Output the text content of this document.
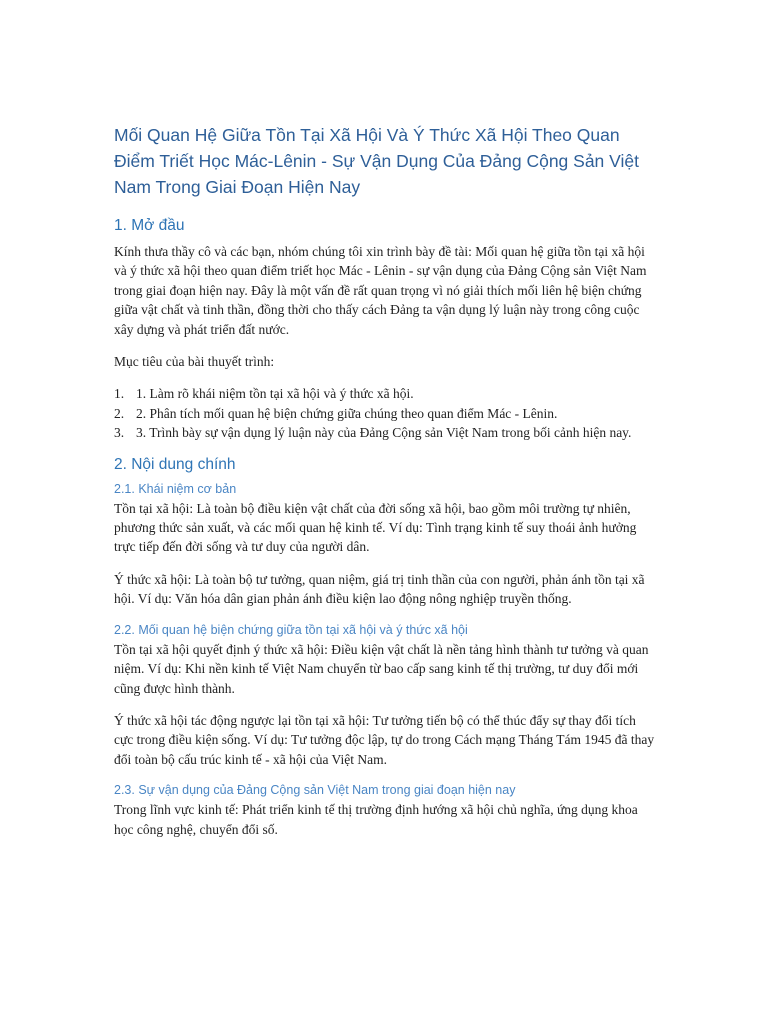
Mối Quan Hệ Giữa Tồn Tại Xã Hội Và Ý Thức Xã Hội Theo Quan Điểm Triết Học Mác-Lênin - Sự Vận Dụng Của Đảng Cộng Sản Việt Nam Trong Giai Đoạn Hiện Nay
1. Mở đầu

Kính thưa thầy cô và các bạn, nhóm chúng tôi xin trình bày đề tài: Mối quan hệ giữa tồn tại xã hội và ý thức xã hội theo quan điểm triết học Mác - Lênin - sự vận dụng của Đảng Cộng sản Việt Nam trong giai đoạn hiện nay. Đây là một vấn đề rất quan trọng vì nó giải thích mối liên hệ biện chứng giữa vật chất và tinh thần, đồng thời cho thấy cách Đảng ta vận dụng lý luận này trong công cuộc xây dựng và phát triển đất nước.

Mục tiêu của bài thuyết trình:

1. 1. Làm rõ khái niệm tồn tại xã hội và ý thức xã hội.
2. 2. Phân tích mối quan hệ biện chứng giữa chúng theo quan điểm Mác - Lênin.
3. 3. Trình bày sự vận dụng lý luận này của Đảng Cộng sản Việt Nam trong bối cảnh hiện nay.
2. Nội dung chính
2.1. Khái niệm cơ bản

Tồn tại xã hội: Là toàn bộ điều kiện vật chất của đời sống xã hội, bao gồm môi trường tự nhiên, phương thức sản xuất, và các mối quan hệ kinh tế. Ví dụ: Tình trạng kinh tế suy thoái ảnh hưởng trực tiếp đến đời sống và tư duy của người dân.

Ý thức xã hội: Là toàn bộ tư tưởng, quan niệm, giá trị tinh thần của con người, phản ánh tồn tại xã hội. Ví dụ: Văn hóa dân gian phản ánh điều kiện lao động nông nghiệp truyền thống.

2.2. Mối quan hệ biện chứng giữa tồn tại xã hội và ý thức xã hội

Tồn tại xã hội quyết định ý thức xã hội: Điều kiện vật chất là nền tảng hình thành tư tưởng và quan niệm. Ví dụ: Khi nền kinh tế Việt Nam chuyển từ bao cấp sang kinh tế thị trường, tư duy đổi mới cũng được hình thành.

Ý thức xã hội tác động ngược lại tồn tại xã hội: Tư tưởng tiến bộ có thể thúc đẩy sự thay đổi tích cực trong điều kiện sống. Ví dụ: Tư tưởng độc lập, tự do trong Cách mạng Tháng Tám 1945 đã thay đổi toàn bộ cấu trúc kinh tế - xã hội của Việt Nam.

2.3. Sự vận dụng của Đảng Cộng sản Việt Nam trong giai đoạn hiện nay

Trong lĩnh vực kinh tế: Phát triển kinh tế thị trường định hướng xã hội chủ nghĩa, ứng dụng khoa học công nghệ, chuyển đổi số.
